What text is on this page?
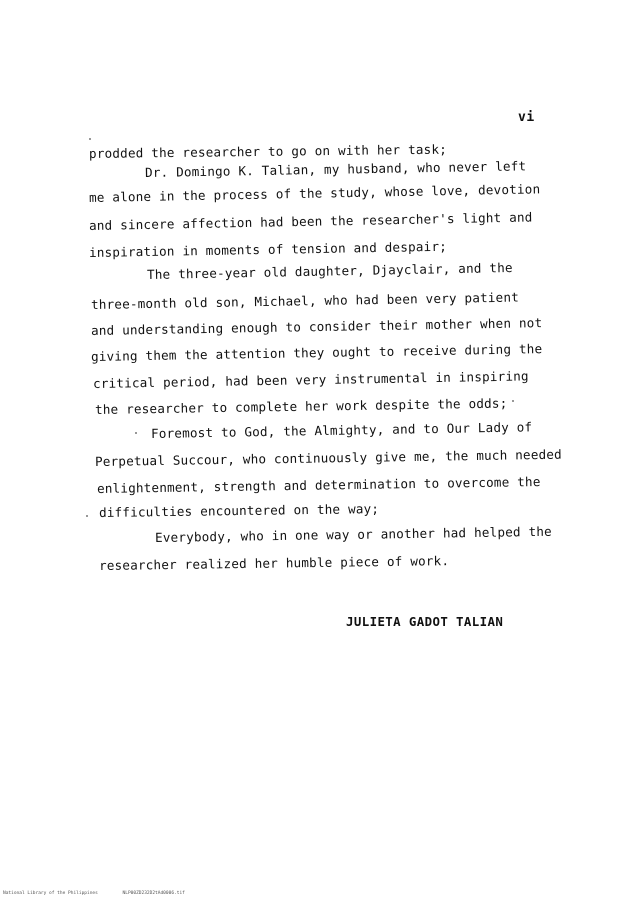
vi
prodded the researcher to go on with her task;
Dr. Domingo K. Talian, my husband, who never left
me alone in the process of the study, whose love, devotion
and sincere affection had been the researcher's light and
inspiration in moments of tension and despair;
The three-year old daughter, Djayclair, and the
three-month old son, Michael, who had been very patient
and understanding enough to consider their mother when not
giving them the attention they ought to receive during the
critical period, had been very instrumental in inspiring
the researcher to complete her work despite the odds;
Foremost to God, the Almighty, and to Our Lady of
Perpetual Succour, who continuously give me, the much needed
enlightenment, strength and determination to overcome the
difficulties encountered on the way;
Everybody, who in one way or another had helped the
researcher realized her humble piece of work.
JULIETA GADOT TALIAN
National Library of the Philippines	NLP00ZD232D2tAd0006.tif
